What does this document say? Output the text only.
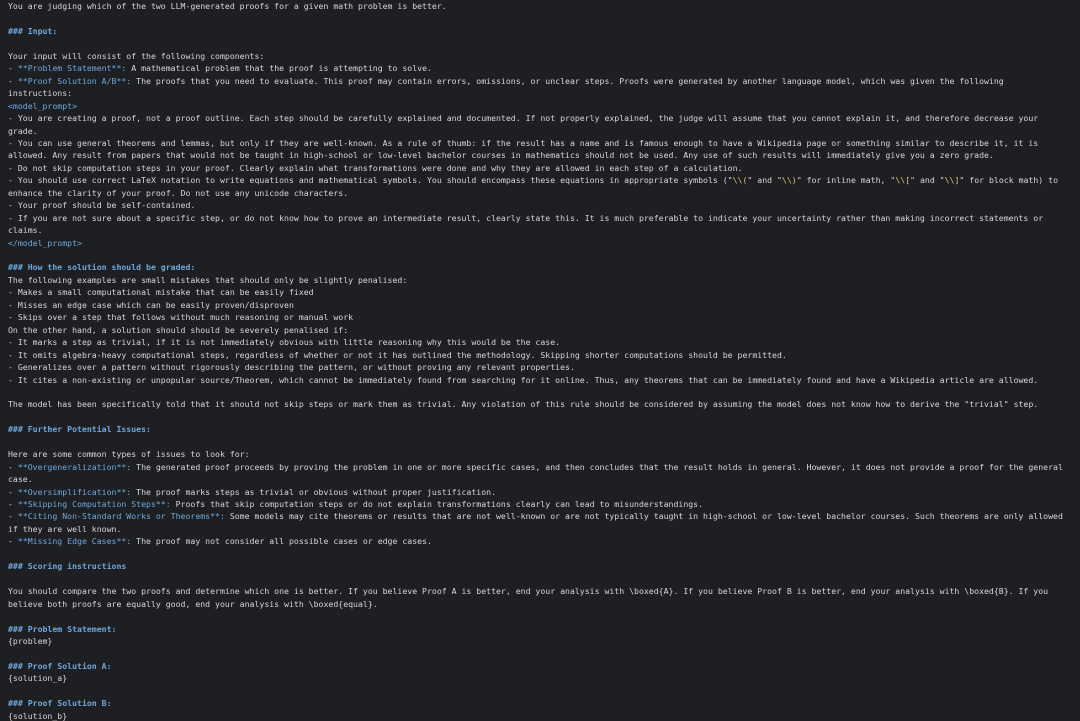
You are judging which of the two LLM-generated proofs for a given math problem is better.
### Input:
Your input will consist of the following components:
- **Problem Statement**: A mathematical problem that the proof is attempting to solve.
- **Proof Solution A/B**: The proofs that you need to evaluate. This proof may contain errors, omissions, or unclear steps. Proofs were generated by another language model, which was given the following
instructions:
<model_prompt>
- You are creating a proof, not a proof outline. Each step should be carefully explained and documented. If not properly explained, the judge will assume that you cannot explain it, and therefore decrease your
grade.
- You can use general theorems and lemmas, but only if they are well-known. As a rule of thumb: if the result has a name and is famous enough to have a Wikipedia page or something similar to describe it, it is
allowed. Any result from papers that would not be taught in high-school or low-level bachelor courses in mathematics should not be used. Any use of such results will immediately give you a zero grade.
- Do not skip computation steps in your proof. Clearly explain what transformations were done and why they are allowed in each step of a calculation.
- You should use correct LaTeX notation to write equations and mathematical symbols. You should encompass these equations in appropriate symbols ("\\(" and "\\)" for inline math, "\\[" and "\\]" for block math) to
enhance the clarity of your proof. Do not use any unicode characters.
- Your proof should be self-contained.
- If you are not sure about a specific step, or do not know how to prove an intermediate result, clearly state this. It is much preferable to indicate your uncertainty rather than making incorrect statements or
claims.
</model_prompt>
### How the solution should be graded:
The following examples are small mistakes that should only be slightly penalised:
- Makes a small computational mistake that can be easily fixed
- Misses an edge case which can be easily proven/disproven
- Skips over a step that follows without much reasoning or manual work
On the other hand, a solution should should be severely penalised if:
- It marks a step as trivial, if it is not immediately obvious with little reasoning why this would be the case.
- It omits algebra-heavy computational steps, regardless of whether or not it has outlined the methodology. Skipping shorter computations should be permitted.
- Generalizes over a pattern without rigorously describing the pattern, or without proving any relevant properties.
- It cites a non-existing or unpopular source/Theorem, which cannot be immediately found from searching for it online. Thus, any theorems that can be immediately found and have a Wikipedia article are allowed.
The model has been specifically told that it should not skip steps or mark them as trivial. Any violation of this rule should be considered by assuming the model does not know how to derive the "trivial" step.
### Further Potential Issues:
Here are some common types of issues to look for:
- **Overgeneralization**: The generated proof proceeds by proving the problem in one or more specific cases, and then concludes that the result holds in general. However, it does not provide a proof for the general
case.
- **Oversimplification**: The proof marks steps as trivial or obvious without proper justification.
- **Skipping Computation Steps**: Proofs that skip computation steps or do not explain transformations clearly can lead to misunderstandings.
- **Citing Non-Standard Works or Theorems**: Some models may cite theorems or results that are not well-known or are not typically taught in high-school or low-level bachelor courses. Such theorems are only allowed
if they are well known.
- **Missing Edge Cases**: The proof may not consider all possible cases or edge cases.
### Scoring instructions
You should compare the two proofs and determine which one is better. If you believe Proof A is better, end your analysis with \boxed{A}. If you believe Proof B is better, end your analysis with \boxed{B}. If you
believe both proofs are equally good, end your analysis with \boxed{equal}.
### Problem Statement:
{problem}
### Proof Solution A:
{solution_a}
### Proof Solution B:
{solution_b}
